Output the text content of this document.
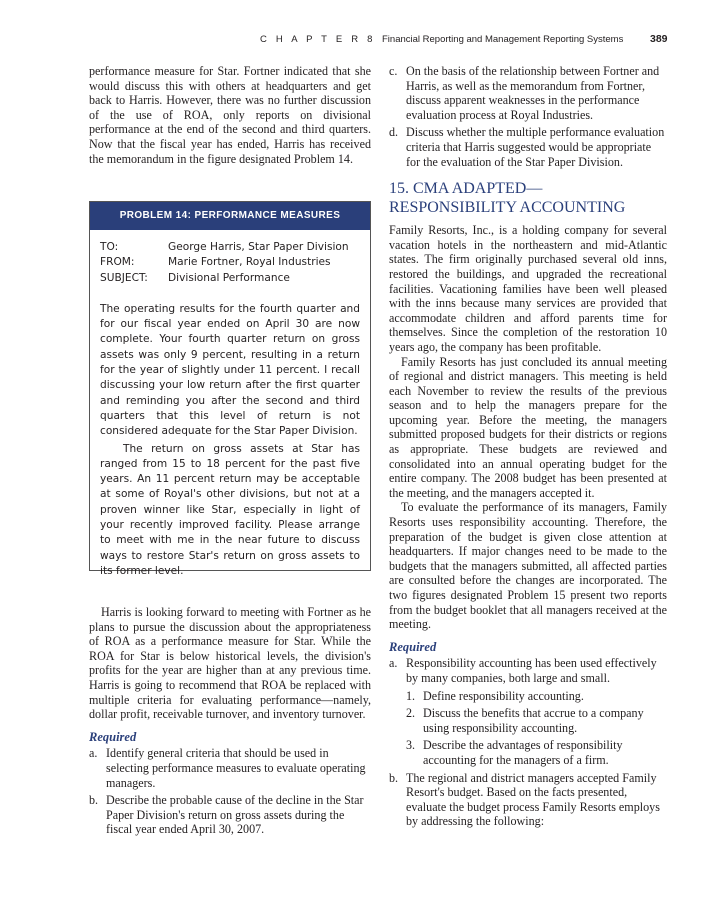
C H A P T E R 8 Financial Reporting and Management Reporting Systems	389

performance measure for Star. Fortner indicated that she would discuss this with others at headquarters and get back to Harris. However, there was no further discussion of the use of ROA, only reports on divisional performance at the end of the second and third quarters. Now that the fiscal year has ended, Harris has received the memorandum in the figure designated Problem 14.

PROBLEM 14: PERFORMANCE MEASURES
TO:	George Harris, Star Paper Division
FROM:	Marie Fortner, Royal Industries
SUBJECT:	Divisional Performance

The operating results for the fourth quarter and for our fiscal year ended on April 30 are now complete. Your fourth quarter return on gross assets was only 9 percent, resulting in a return for the year of slightly under 11 percent. I recall discussing your low return after the first quarter and reminding you after the second and third quarters that this level of return is not considered adequate for the Star Paper Division.

The return on gross assets at Star has ranged from 15 to 18 percent for the past five years. An 11 percent return may be acceptable at some of Royal's other divisions, but not at a proven winner like Star, especially in light of your recently improved facility. Please arrange to meet with me in the near future to discuss ways to restore Star's return on gross assets to its former level.

Harris is looking forward to meeting with Fortner as he plans to pursue the discussion about the appropriateness of ROA as a performance measure for Star. While the ROA for Star is below historical levels, the division's profits for the year are higher than at any previous time. Harris is going to recommend that ROA be replaced with multiple criteria for evaluating performance—namely, dollar profit, receivable turnover, and inventory turnover.

Required
a. Identify general criteria that should be used in selecting performance measures to evaluate operating managers.
b. Describe the probable cause of the decline in the Star Paper Division's return on gross assets during the fiscal year ended April 30, 2007.
c. On the basis of the relationship between Fortner and Harris, as well as the memorandum from Fortner, discuss apparent weaknesses in the performance evaluation process at Royal Industries.
d. Discuss whether the multiple performance evaluation criteria that Harris suggested would be appropriate for the evaluation of the Star Paper Division.
15. CMA ADAPTED—RESPONSIBILITY ACCOUNTING

Family Resorts, Inc., is a holding company for several vacation hotels in the northeastern and mid-Atlantic states. The firm originally purchased several old inns, restored the buildings, and upgraded the recreational facilities. Vacationing families have been well pleased with the inns because many services are provided that accommodate children and afford parents time for themselves. Since the completion of the restoration 10 years ago, the company has been profitable.

Family Resorts has just concluded its annual meeting of regional and district managers. This meeting is held each November to review the results of the previous season and to help the managers prepare for the upcoming year. Before the meeting, the managers submitted proposed budgets for their districts or regions as appropriate. These budgets are reviewed and consolidated into an annual operating budget for the entire company. The 2008 budget has been presented at the meeting, and the managers accepted it.

To evaluate the performance of its managers, Family Resorts uses responsibility accounting. Therefore, the preparation of the budget is given close attention at headquarters. If major changes need to be made to the budgets that the managers submitted, all affected parties are consulted before the changes are incorporated. The two figures designated Problem 15 present two reports from the budget booklet that all managers received at the meeting.

Required
a. Responsibility accounting has been used effectively by many companies, both large and small.
1. Define responsibility accounting.
2. Discuss the benefits that accrue to a company using responsibility accounting.
3. Describe the advantages of responsibility accounting for the managers of a firm.
b. The regional and district managers accepted Family Resort's budget. Based on the facts presented, evaluate the budget process Family Resorts employs by addressing the following:
